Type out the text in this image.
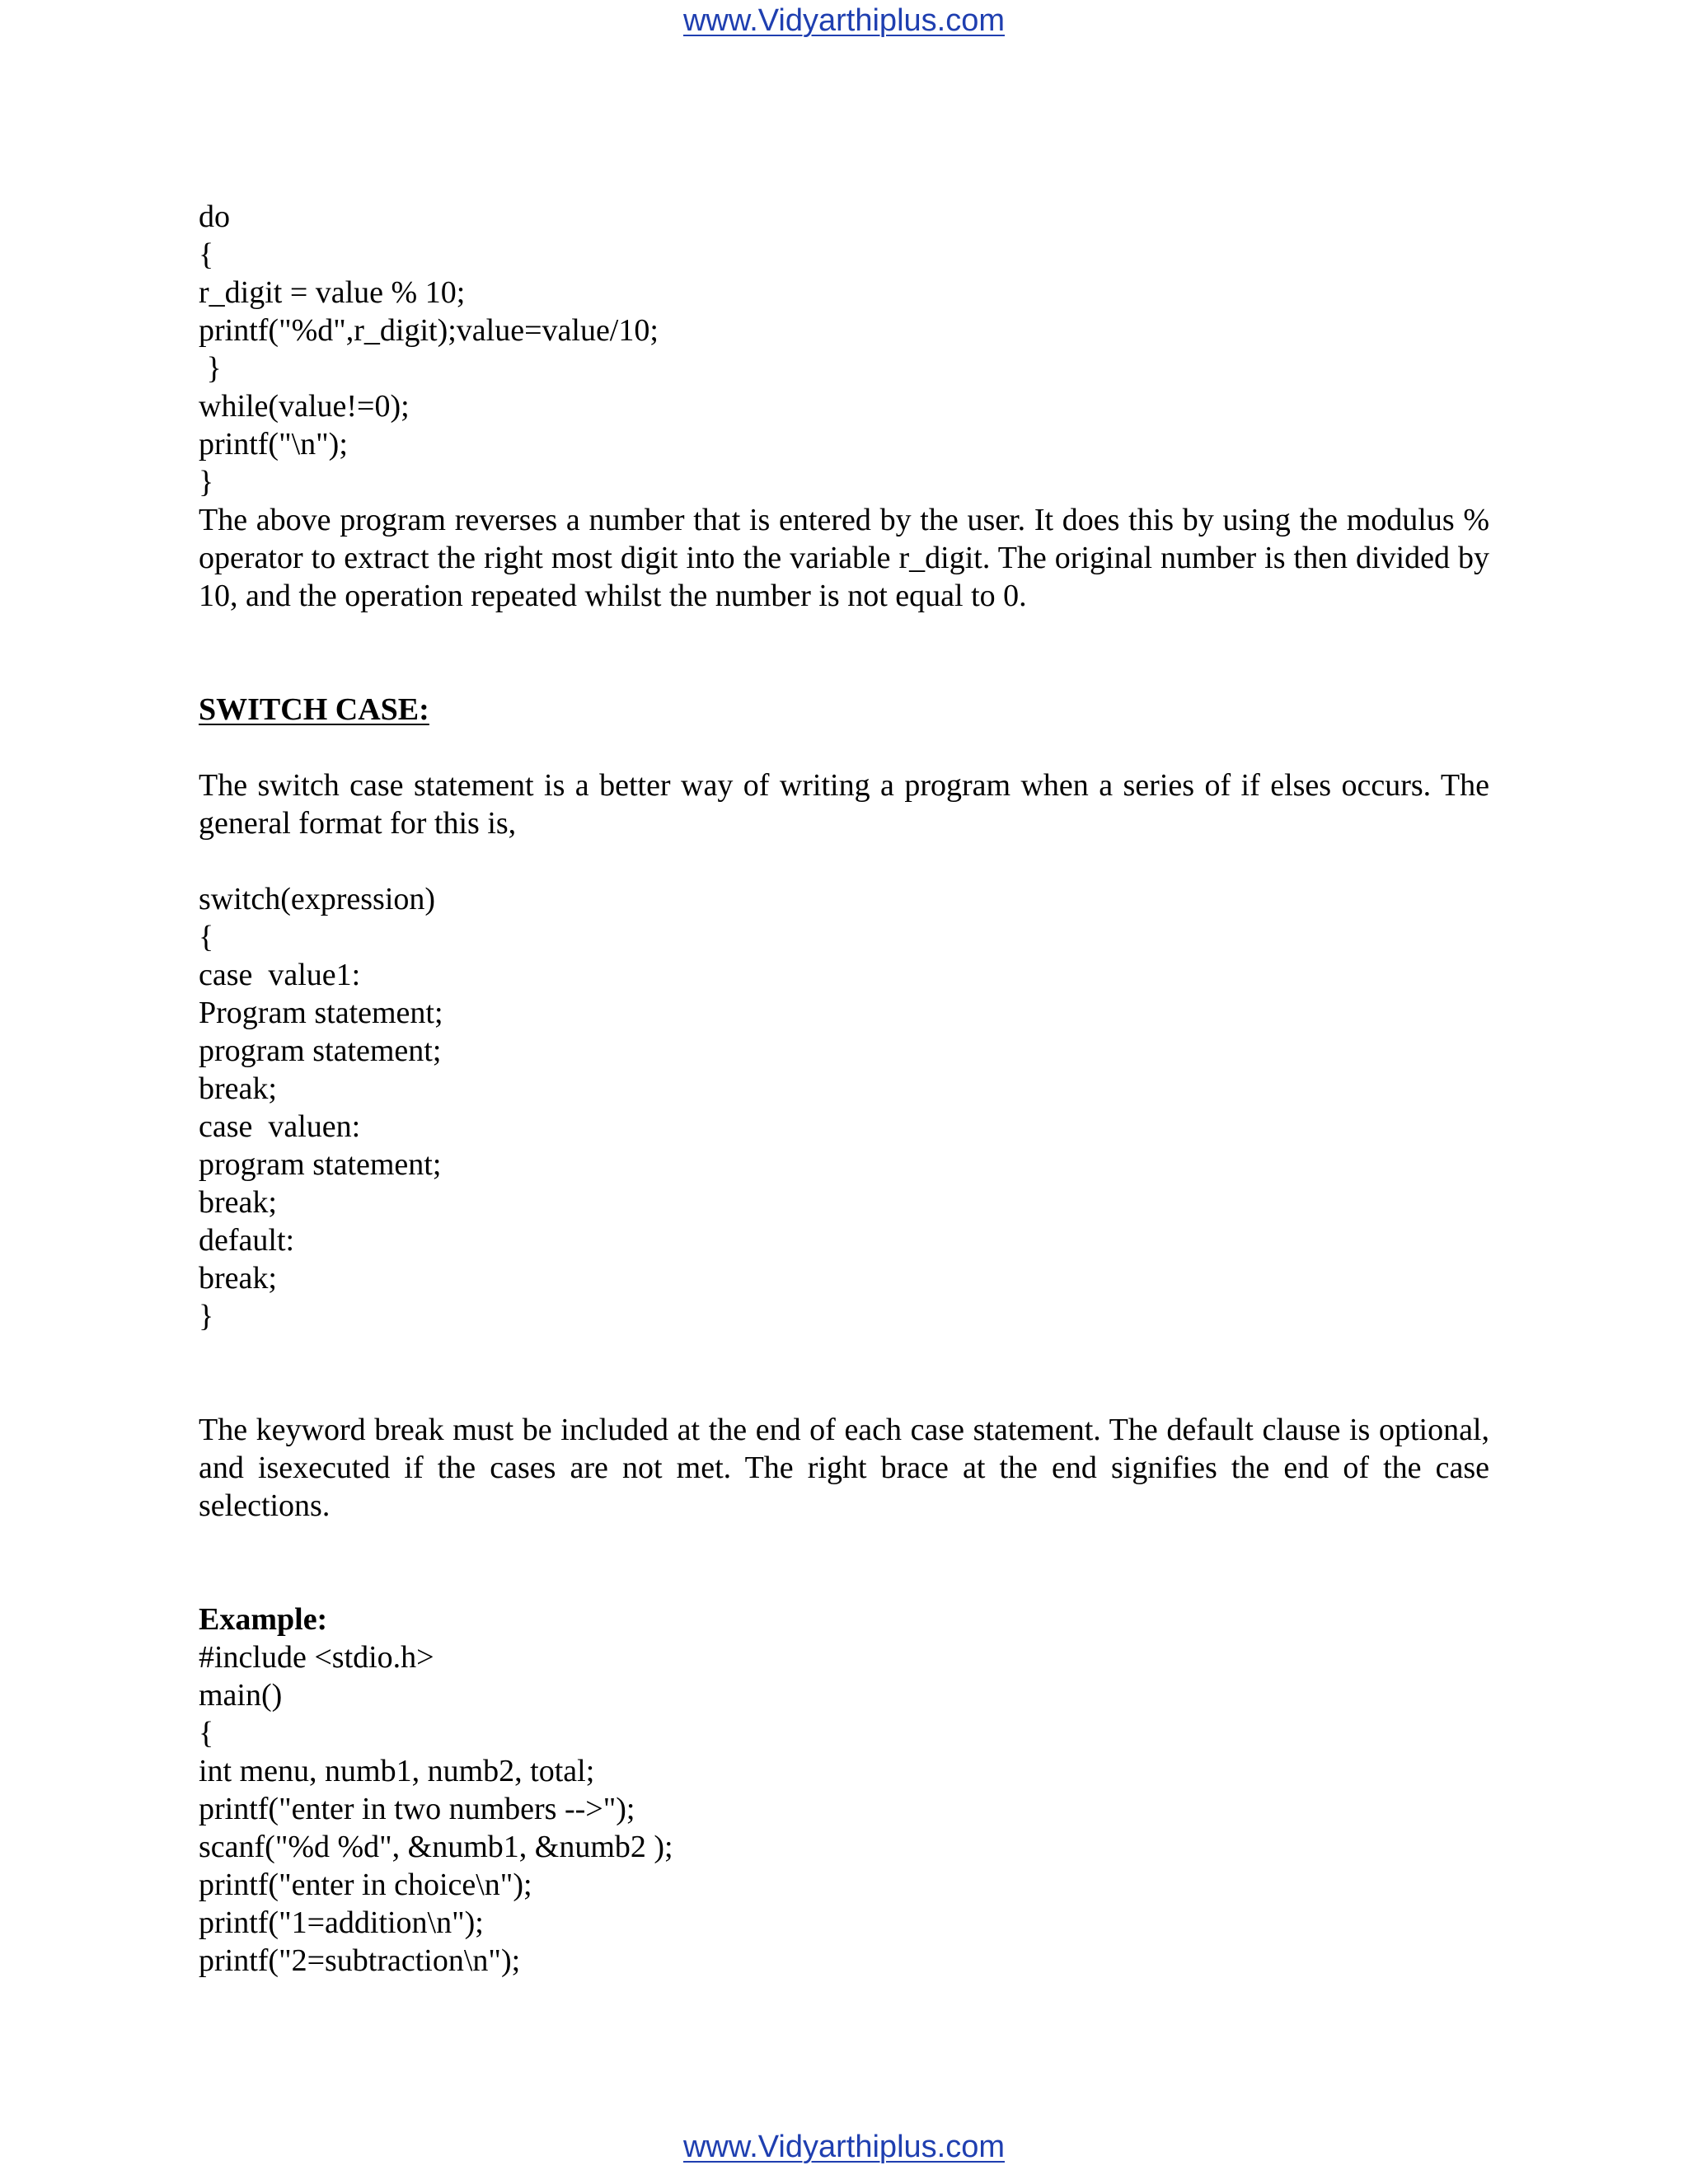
www.Vidyarthiplus.com
do
{
r_digit = value % 10;
printf("%d",r_digit);value=value/10;
}
while(value!=0);
printf("\n");
}
The above program reverses a number that is entered by the user. It does this by using the modulus % operator to extract the right most digit into the variable r_digit. The original number is then divided by 10, and the operation repeated whilst the number is not equal to 0.
SWITCH CASE:
The switch case statement is a better way of writing a program when a series of if elses occurs. The general format for this is,
switch(expression)
{
case  value1:
Program statement;
program statement;
break;
case  valuen:
program statement;
break;
default:
break;
}
The keyword break must be included at the end of each case statement. The default clause is optional, and isexecuted if the cases are not met. The right brace at the end signifies the end of the case selections.
Example:
#include <stdio.h>
main()
{
int menu, numb1, numb2, total;
printf("enter in two numbers -->");
scanf("%d %d", &numb1, &numb2 );
printf("enter in choice\n");
printf("1=addition\n");
printf("2=subtraction\n");
www.Vidyarthiplus.com
